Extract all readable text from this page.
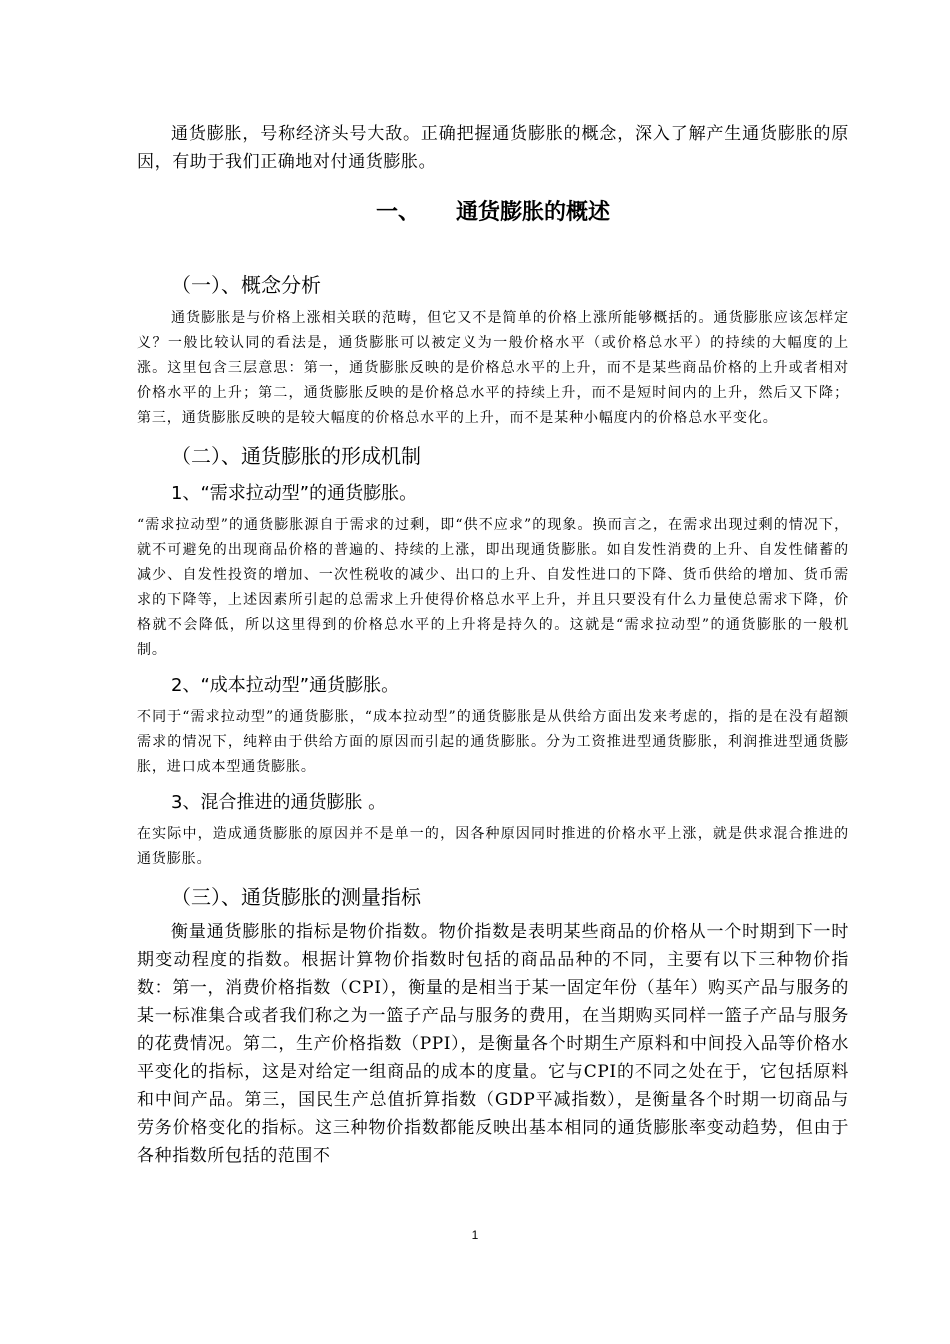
通货膨胀，号称经济头号大敌。正确把握通货膨胀的概念，深入了解产生通货膨胀的原因，有助于我们正确地对付通货膨胀。

一、 通货膨胀的概述
（一）、概念分析

通货膨胀是与价格上涨相关联的范畴，但它又不是简单的价格上涨所能够概括的。通货膨胀应该怎样定义？一般比较认同的看法是，通货膨胀可以被定义为一般价格水平（或价格总水平）的持续的大幅度的上涨。这里包含三层意思：第一，通货膨胀反映的是价格总水平的上升，而不是某些商品价格的上升或者相对价格水平的上升；第二，通货膨胀反映的是价格总水平的持续上升，而不是短时间内的上升，然后又下降；第三，通货膨胀反映的是较大幅度的价格总水平的上升，而不是某种小幅度内的价格总水平变化。

（二）、通货膨胀的形成机制
1、“需求拉动型”的通货膨胀。

“需求拉动型”的通货膨胀源自于需求的过剩，即“供不应求”的现象。换而言之，在需求出现过剩的情况下，就不可避免的出现商品价格的普遍的、持续的上涨，即出现通货膨胀。如自发性消费的上升、自发性储蓄的减少、自发性投资的增加、一次性税收的减少、出口的上升、自发性进口的下降、货币供给的增加、货币需求的下降等，上述因素所引起的总需求上升使得价格总水平上升，并且只要没有什么力量使总需求下降，价格就不会降低，所以这里得到的价格总水平的上升将是持久的。这就是“需求拉动型”的通货膨胀的一般机制。

2、“成本拉动型”通货膨胀。

不同于“需求拉动型”的通货膨胀，“成本拉动型”的通货膨胀是从供给方面出发来考虑的，指的是在没有超额需求的情况下，纯粹由于供给方面的原因而引起的通货膨胀。分为工资推进型通货膨胀，利润推进型通货膨胀，进口成本型通货膨胀。

3、混合推进的通货膨胀 。

在实际中，造成通货膨胀的原因并不是单一的，因各种原因同时推进的价格水平上涨，就是供求混合推进的通货膨胀。

（三）、通货膨胀的测量指标

衡量通货膨胀的指标是物价指数。物价指数是表明某些商品的价格从一个时期到下一时期变动程度的指数。根据计算物价指数时包括的商品品种的不同，主要有以下三种物价指数：第一，消费价格指数（CPI），衡量的是相当于某一固定年份（基年）购买产品与服务的某一标准集合或者我们称之为一篮子产品与服务的费用，在当期购买同样一篮子产品与服务的花费情况。第二，生产价格指数（PPI），是衡量各个时期生产原料和中间投入品等价格水平变化的指标，这是对给定一组商品的成本的度量。它与CPI的不同之处在于，它包括原料和中间产品。第三，国民生产总值折算指数（GDP平减指数），是衡量各个时期一切商品与劳务价格变化的指标。这三种物价指数都能反映出基本相同的通货膨胀率变动趋势，但由于各种指数所包括的范围不

1
